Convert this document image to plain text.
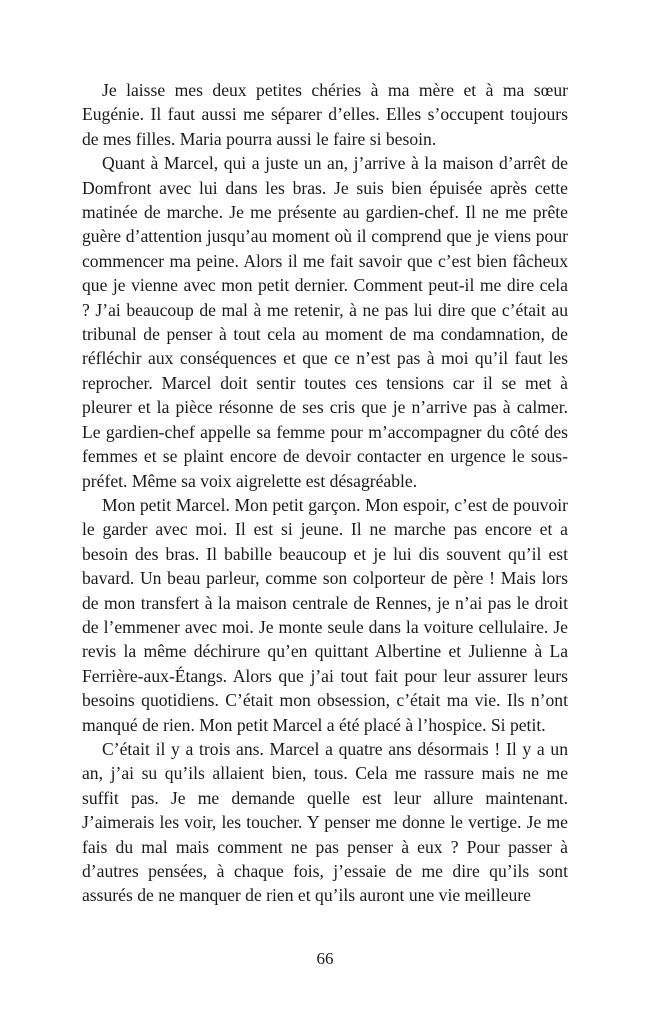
Je laisse mes deux petites chéries à ma mère et à ma sœur Eugénie. Il faut aussi me séparer d’elles. Elles s’occupent toujours de mes filles. Maria pourra aussi le faire si besoin.

Quant à Marcel, qui a juste un an, j’arrive à la maison d’arrêt de Domfront avec lui dans les bras. Je suis bien épuisée après cette matinée de marche. Je me présente au gardien-chef. Il ne me prête guère d’attention jusqu’au moment où il comprend que je viens pour commencer ma peine. Alors il me fait savoir que c’est bien fâcheux que je vienne avec mon petit dernier. Comment peut-il me dire cela ? J’ai beaucoup de mal à me retenir, à ne pas lui dire que c’était au tribunal de penser à tout cela au moment de ma condamnation, de réfléchir aux conséquences et que ce n’est pas à moi qu’il faut les reprocher. Marcel doit sentir toutes ces tensions car il se met à pleurer et la pièce résonne de ses cris que je n’arrive pas à calmer. Le gardien-chef appelle sa femme pour m’accompagner du côté des femmes et se plaint encore de devoir contacter en urgence le sous-préfet. Même sa voix aigrelette est désagréable.

Mon petit Marcel. Mon petit garçon. Mon espoir, c’est de pouvoir le garder avec moi. Il est si jeune. Il ne marche pas encore et a besoin des bras. Il babille beaucoup et je lui dis souvent qu’il est bavard. Un beau parleur, comme son colporteur de père ! Mais lors de mon transfert à la maison centrale de Rennes, je n’ai pas le droit de l’emmener avec moi. Je monte seule dans la voiture cellulaire. Je revis la même déchirure qu’en quittant Albertine et Julienne à La Ferrière-aux-Étangs. Alors que j’ai tout fait pour leur assurer leurs besoins quotidiens. C’était mon obsession, c’était ma vie. Ils n’ont manqué de rien. Mon petit Marcel a été placé à l’hospice. Si petit.

C’était il y a trois ans. Marcel a quatre ans désormais ! Il y a un an, j’ai su qu’ils allaient bien, tous. Cela me rassure mais ne me suffit pas. Je me demande quelle est leur allure maintenant. J’aimerais les voir, les toucher. Y penser me donne le vertige. Je me fais du mal mais comment ne pas penser à eux ? Pour passer à d’autres pensées, à chaque fois, j’essaie de me dire qu’ils sont assurés de ne manquer de rien et qu’ils auront une vie meilleure

66
